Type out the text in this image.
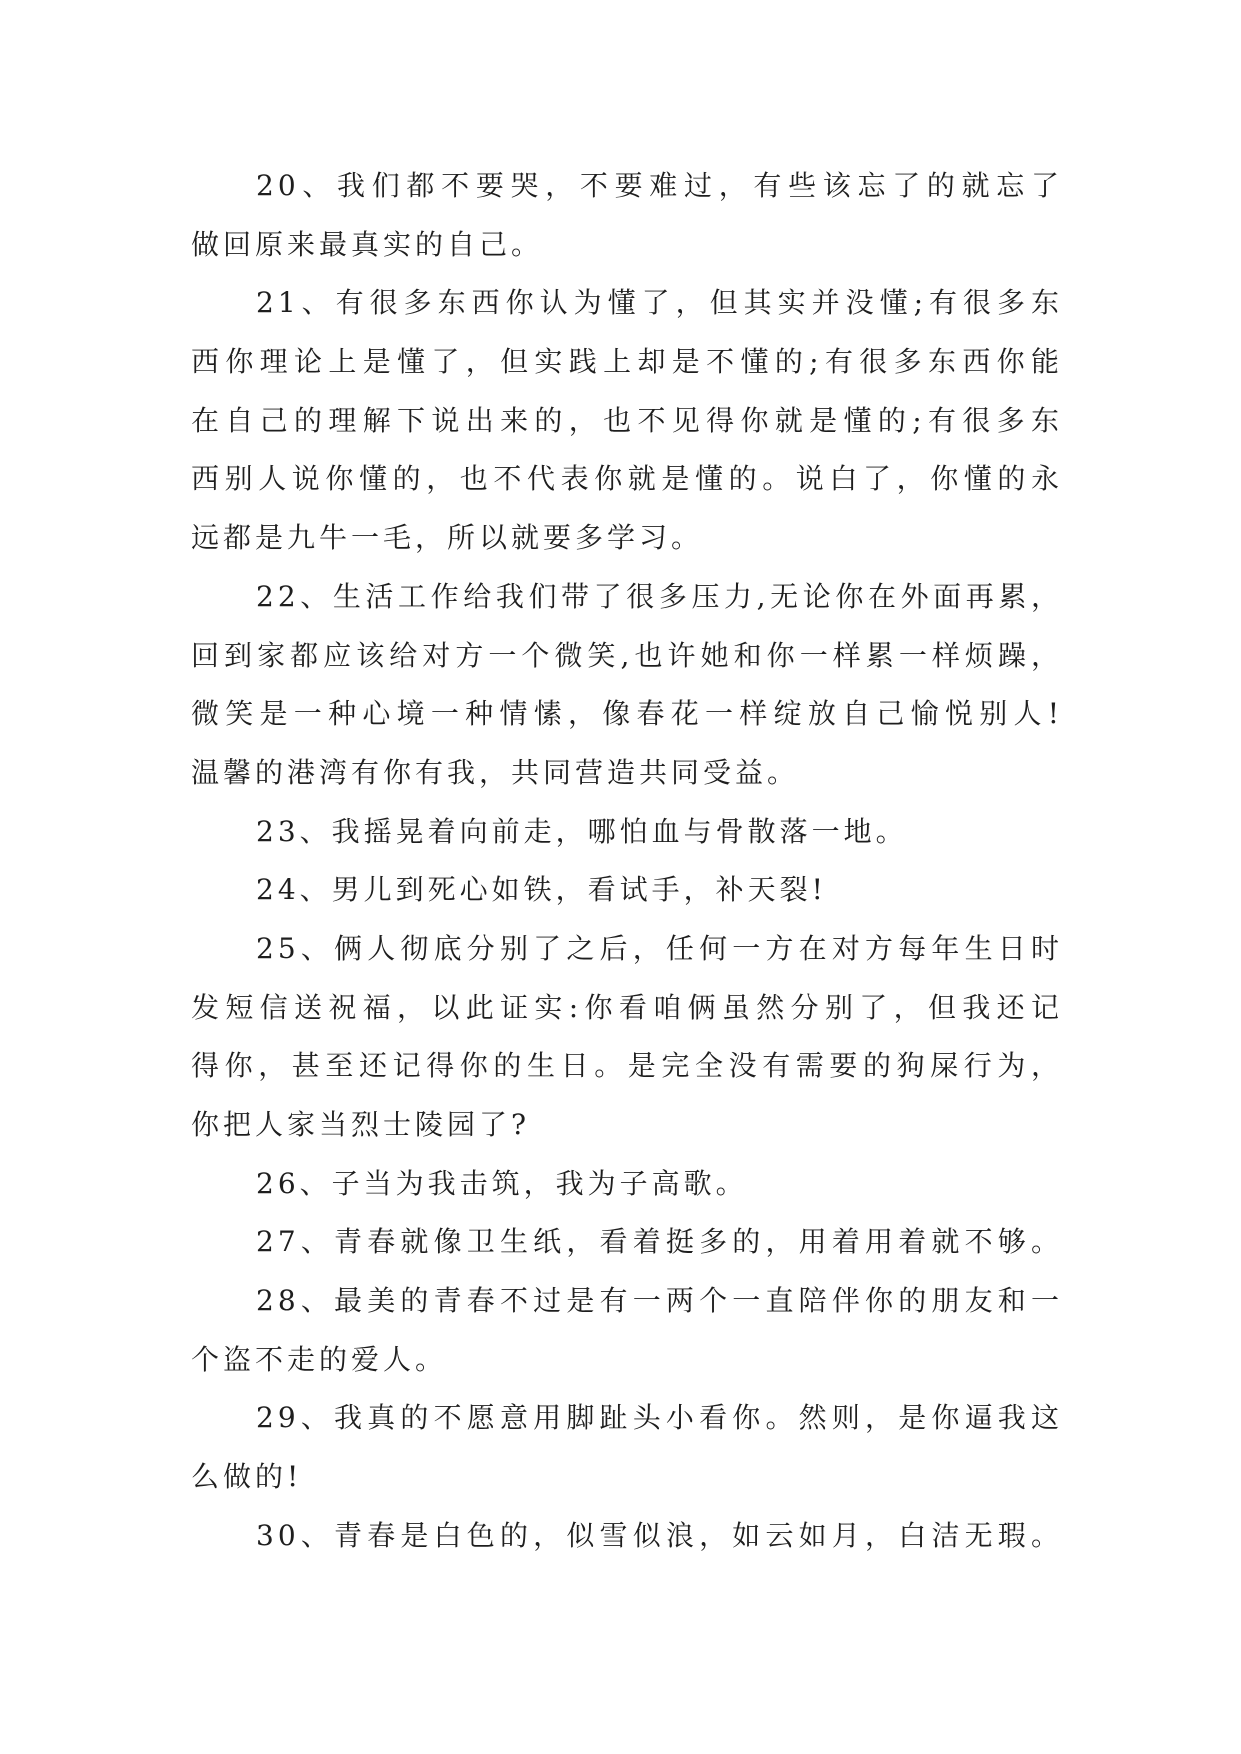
20、我们都不要哭，不要难过，有些该忘了的就忘了
做回原来最真实的自己。
21、有很多东西你认为懂了，但其实并没懂;有很多东
西你理论上是懂了，但实践上却是不懂的;有很多东西你能
在自己的理解下说出来的，也不见得你就是懂的;有很多东
西别人说你懂的，也不代表你就是懂的。说白了，你懂的永
远都是九牛一毛，所以就要多学习。
22、生活工作给我们带了很多压力,无论你在外面再累，
回到家都应该给对方一个微笑,也许她和你一样累一样烦躁，
微笑是一种心境一种情愫，像春花一样绽放自己愉悦别人!
温馨的港湾有你有我，共同营造共同受益。
23、我摇晃着向前走，哪怕血与骨散落一地。
24、男儿到死心如铁，看试手，补天裂!
25、俩人彻底分别了之后，任何一方在对方每年生日时
发短信送祝福，以此证实:你看咱俩虽然分别了，但我还记
得你，甚至还记得你的生日。是完全没有需要的狗屎行为，
你把人家当烈士陵园了?
26、子当为我击筑，我为子高歌。
27、青春就像卫生纸，看着挺多的，用着用着就不够。
28、最美的青春不过是有一两个一直陪伴你的朋友和一
个盗不走的爱人。
29、我真的不愿意用脚趾头小看你。然则，是你逼我这
么做的!
30、青春是白色的，似雪似浪，如云如月，白洁无瑕。
